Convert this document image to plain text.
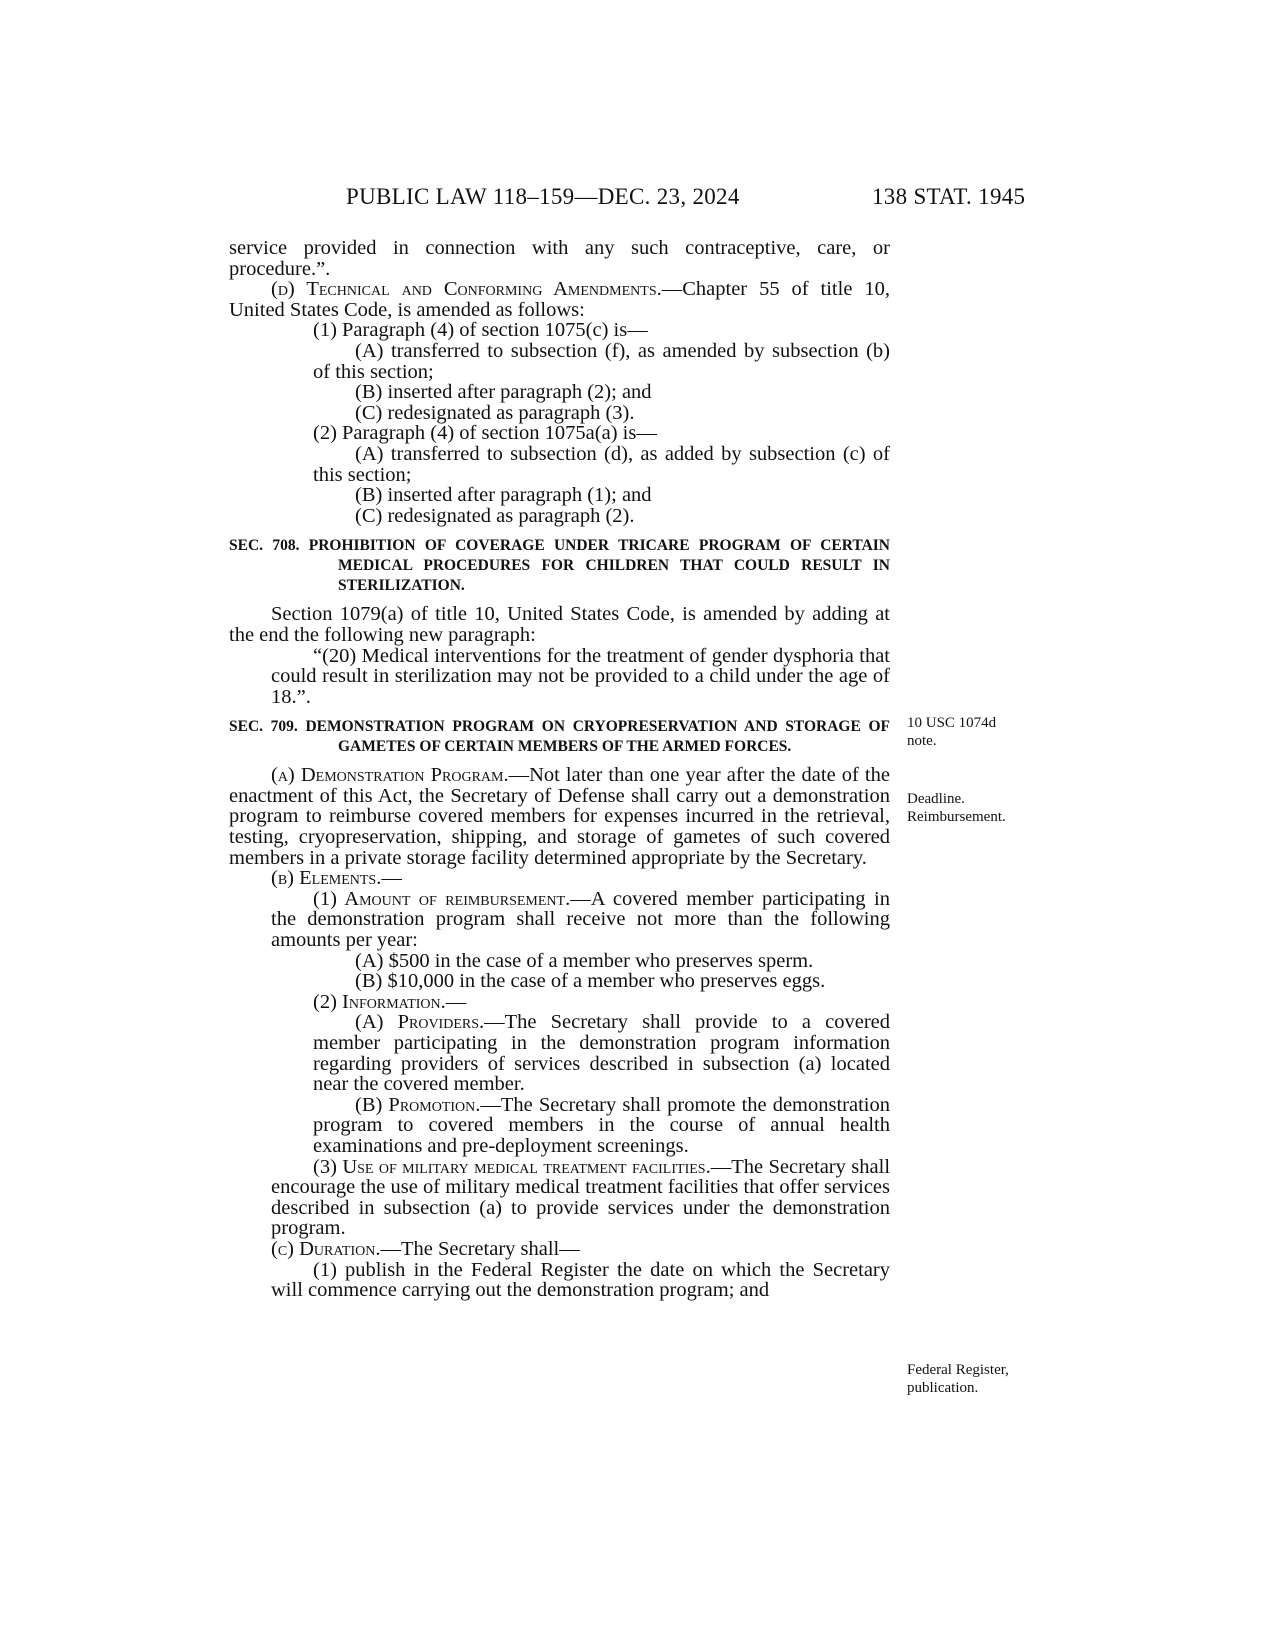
PUBLIC LAW 118–159—DEC. 23, 2024	138 STAT. 1945

service provided in connection with any such contraceptive, care, or procedure.”.

(d) Technical and Conforming Amendments.—Chapter 55 of title 10, United States Code, is amended as follows:

(1) Paragraph (4) of section 1075(c) is—

(A) transferred to subsection (f), as amended by subsection (b) of this section;

(B) inserted after paragraph (2); and

(C) redesignated as paragraph (3).

(2) Paragraph (4) of section 1075a(a) is—

(A) transferred to subsection (d), as added by subsection (c) of this section;

(B) inserted after paragraph (1); and

(C) redesignated as paragraph (2).

SEC. 708. PROHIBITION OF COVERAGE UNDER TRICARE PROGRAM OF CERTAIN MEDICAL PROCEDURES FOR CHILDREN THAT COULD RESULT IN STERILIZATION.

Section 1079(a) of title 10, United States Code, is amended by adding at the end the following new paragraph:

“(20) Medical interventions for the treatment of gender dysphoria that could result in sterilization may not be provided to a child under the age of 18.”.

SEC. 709. DEMONSTRATION PROGRAM ON CRYOPRESERVATION AND STORAGE OF GAMETES OF CERTAIN MEMBERS OF THE ARMED FORCES.

(a) Demonstration Program.—Not later than one year after the date of the enactment of this Act, the Secretary of Defense shall carry out a demonstration program to reimburse covered members for expenses incurred in the retrieval, testing, cryopreservation, shipping, and storage of gametes of such covered members in a private storage facility determined appropriate by the Secretary.

(b) Elements.—

(1) Amount of reimbursement.—A covered member participating in the demonstration program shall receive not more than the following amounts per year:

(A) $500 in the case of a member who preserves sperm.

(B) $10,000 in the case of a member who preserves eggs.

(2) Information.—

(A) Providers.—The Secretary shall provide to a covered member participating in the demonstration program information regarding providers of services described in subsection (a) located near the covered member.

(B) Promotion.—The Secretary shall promote the demonstration program to covered members in the course of annual health examinations and pre-deployment screenings.

(3) Use of military medical treatment facilities.—The Secretary shall encourage the use of military medical treatment facilities that offer services described in subsection (a) to provide services under the demonstration program.

(c) Duration.—The Secretary shall—

(1) publish in the Federal Register the date on which the Secretary will commence carrying out the demonstration program; and

10 USC 1074d note.
Deadline.
Reimbursement.
Federal Register,
publication.
